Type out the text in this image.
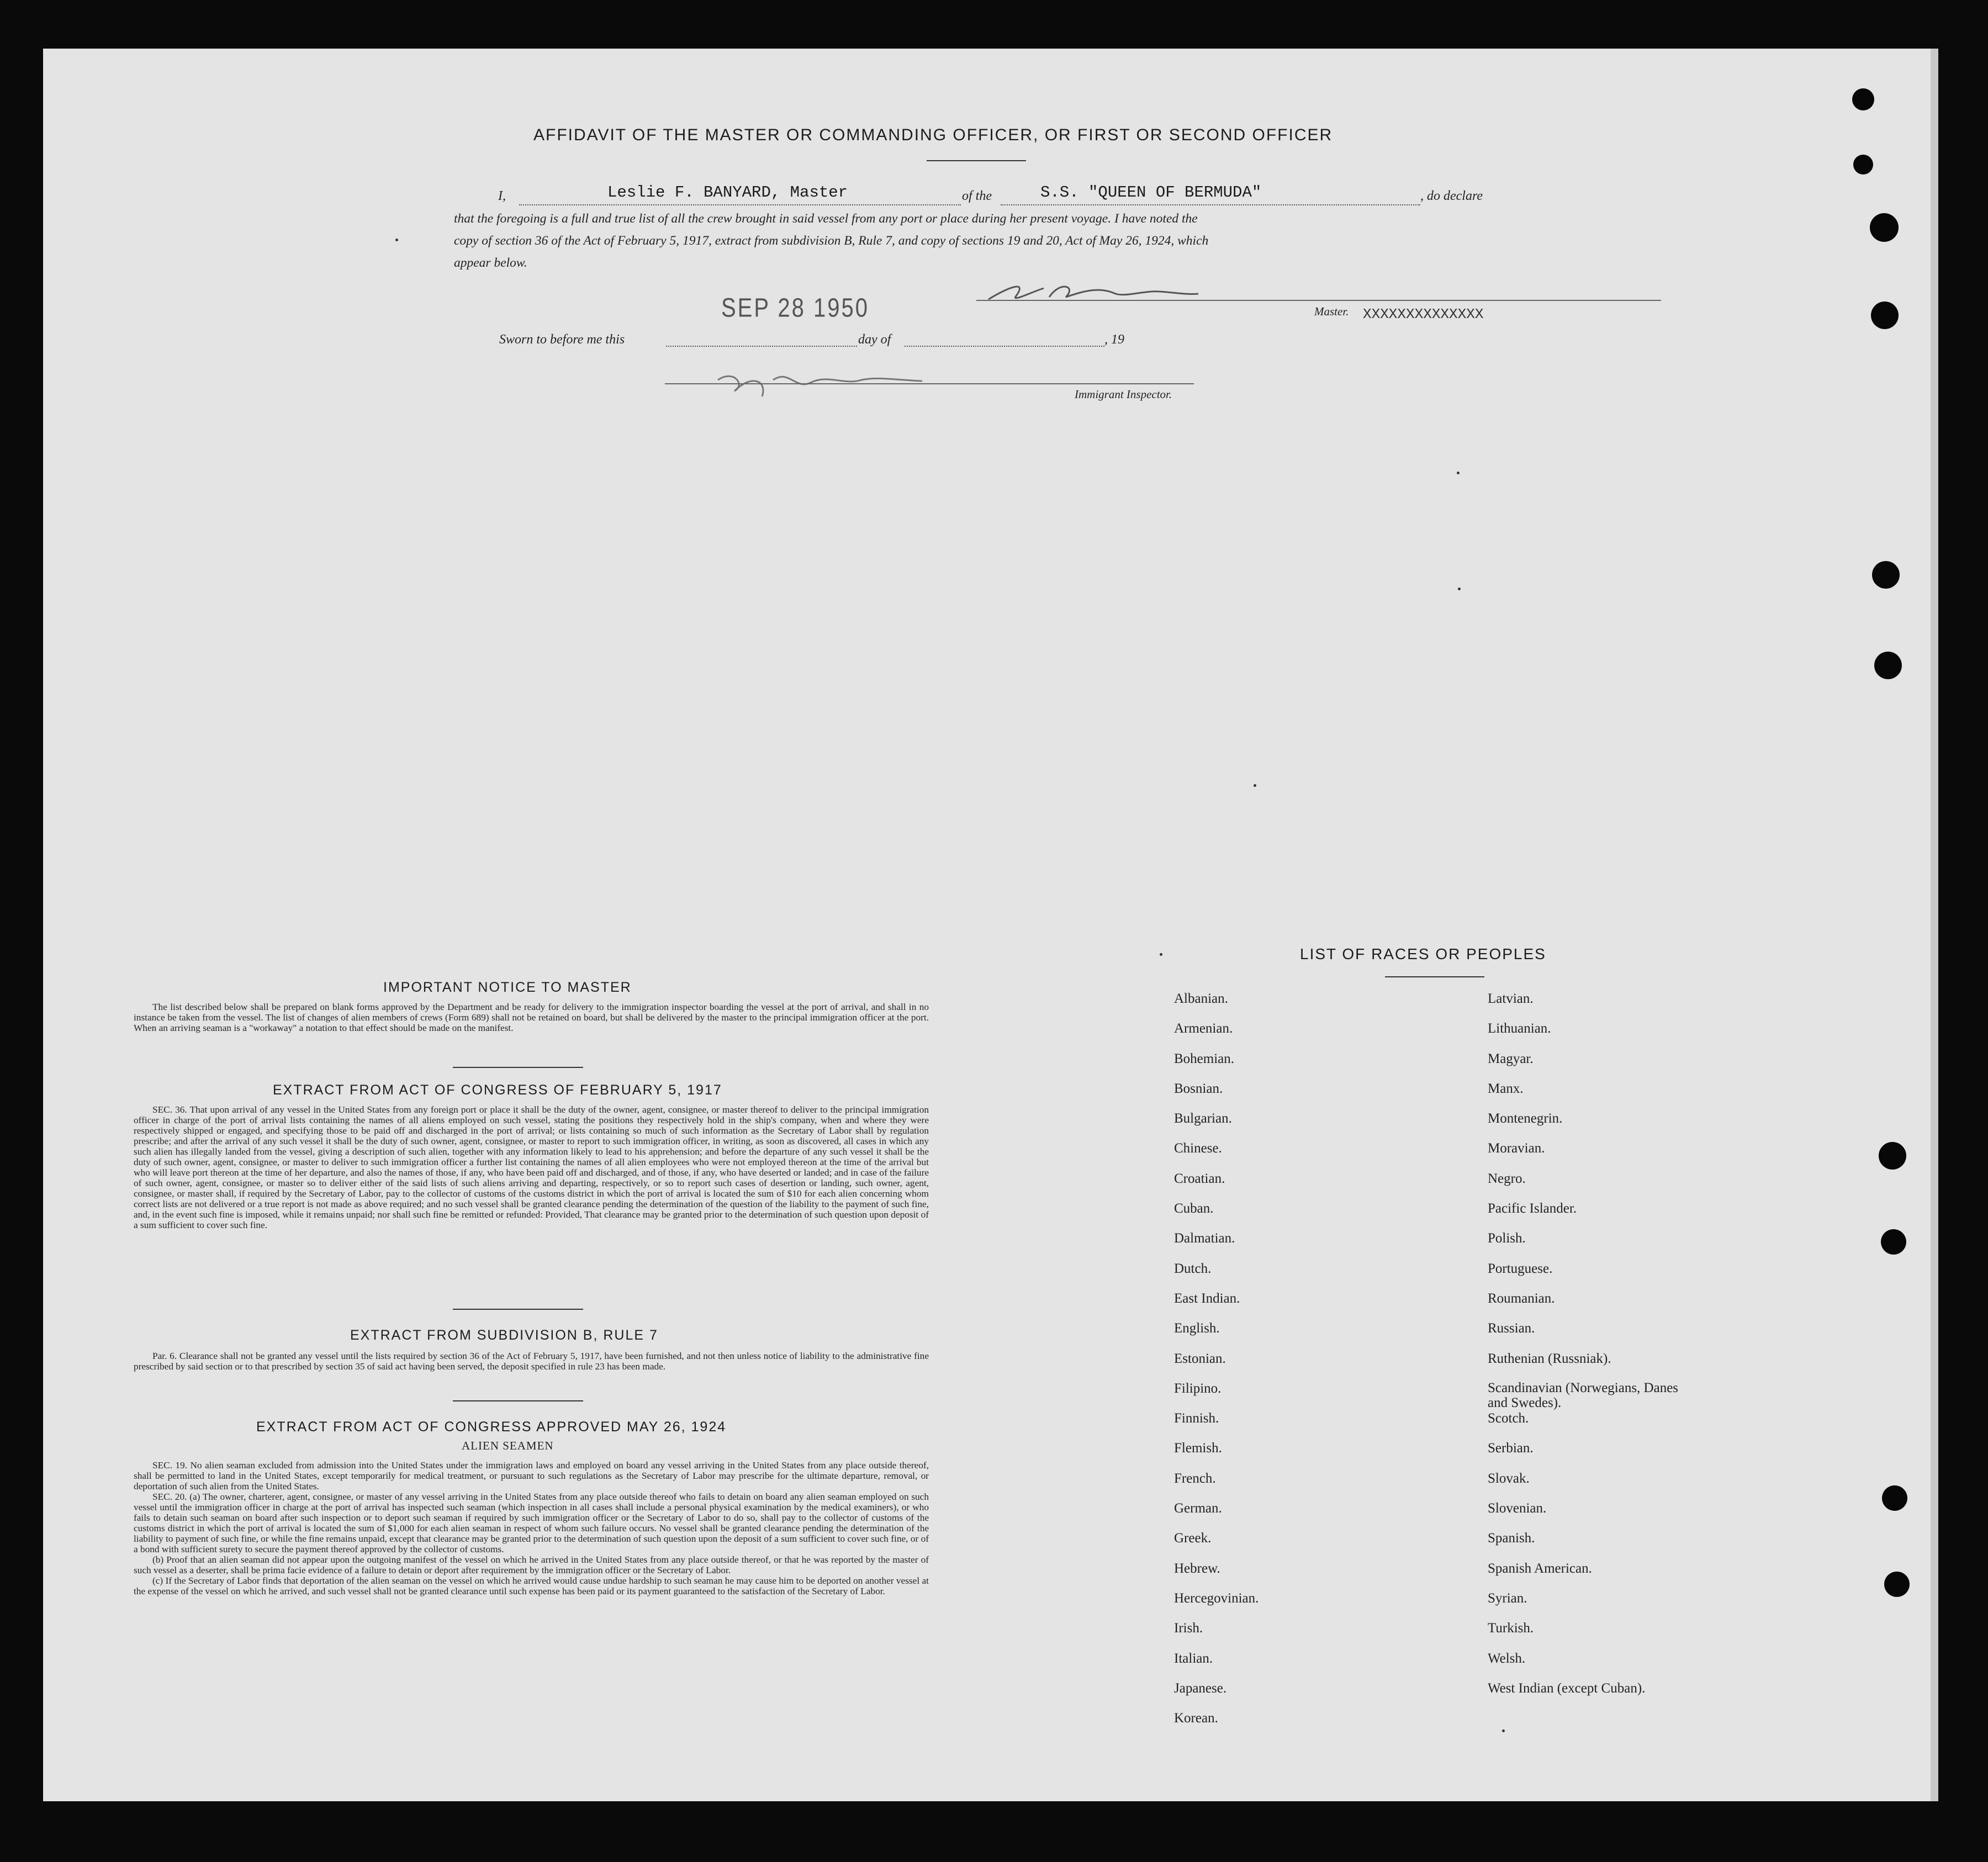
AFFIDAVIT OF THE MASTER OR COMMANDING OFFICER, OR FIRST OR SECOND OFFICER
I,	Leslie F. BANYARD, Master	of the	S.S. "QUEEN OF BERMUDA"	, do declare
that the foregoing is a full and true list of all the crew brought in said vessel from any port or place during her present voyage. I have noted the
copy of section 36 of the Act of February 5, 1917, extract from subdivision B, Rule 7, and copy of sections 19 and 20, Act of May 26, 1924, which
appear below.
SEP 28 1950	Master. XXXXXXXXXXXXXX
Sworn to before me this	day of	, 19
Immigrant Inspector.
IMPORTANT NOTICE TO MASTER

The list described below shall be prepared on blank forms approved by the Department and be ready for delivery to the immigration inspector boarding the vessel at the port of arrival, and shall in no instance be taken from the vessel. The list of changes of alien members of crews (Form 689) shall not be retained on board, but shall be delivered by the master to the principal immigration officer at the port. When an arriving seaman is a "workaway" a notation to that effect should be made on the manifest.

EXTRACT FROM ACT OF CONGRESS OF FEBRUARY 5, 1917

SEC. 36. That upon arrival of any vessel in the United States from any foreign port or place it shall be the duty of the owner, agent, consignee, or master thereof to deliver to the principal immigration officer in charge of the port of arrival lists containing the names of all aliens employed on such vessel, stating the positions they respectively hold in the ship's company, when and where they were respectively shipped or engaged, and specifying those to be paid off and discharged in the port of arrival; or lists containing so much of such information as the Secretary of Labor shall by regulation prescribe; and after the arrival of any such vessel it shall be the duty of such owner, agent, consignee, or master to report to such immigration officer, in writing, as soon as discovered, all cases in which any such alien has illegally landed from the vessel, giving a description of such alien, together with any information likely to lead to his apprehension; and before the departure of any such vessel it shall be the duty of such owner, agent, consignee, or master to deliver to such immigration officer a further list containing the names of all alien employees who were not employed thereon at the time of the arrival but who will leave port thereon at the time of her departure, and also the names of those, if any, who have been paid off and discharged, and of those, if any, who have deserted or landed; and in case of the failure of such owner, agent, consignee, or master so to deliver either of the said lists of such aliens arriving and departing, respectively, or so to report such cases of desertion or landing, such owner, agent, consignee, or master shall, if required by the Secretary of Labor, pay to the collector of customs of the customs district in which the port of arrival is located the sum of $10 for each alien concerning whom correct lists are not delivered or a true report is not made as above required; and no such vessel shall be granted clearance pending the determination of the question of the liability to the payment of such fine, and, in the event such fine is imposed, while it remains unpaid; nor shall such fine be remitted or refunded: Provided, That clearance may be granted prior to the determination of such question upon deposit of a sum sufficient to cover such fine.

EXTRACT FROM SUBDIVISION B, RULE 7

Par. 6. Clearance shall not be granted any vessel until the lists required by section 36 of the Act of February 5, 1917, have been furnished, and not then unless notice of liability to the administrative fine prescribed by said section or to that prescribed by section 35 of said act having been served, the deposit specified in rule 23 has been made.

EXTRACT FROM ACT OF CONGRESS APPROVED MAY 26, 1924
ALIEN SEAMEN

SEC. 19. No alien seaman excluded from admission into the United States under the immigration laws and employed on board any vessel arriving in the United States from any place outside thereof, shall be permitted to land in the United States, except temporarily for medical treatment, or pursuant to such regulations as the Secretary of Labor may prescribe for the ultimate departure, removal, or deportation of such alien from the United States.

SEC. 20. (a) The owner, charterer, agent, consignee, or master of any vessel arriving in the United States from any place outside thereof who fails to detain on board any alien seaman employed on such vessel until the immigration officer in charge at the port of arrival has inspected such seaman (which inspection in all cases shall include a personal physical examination by the medical examiners), or who fails to detain such seaman on board after such inspection or to deport such seaman if required by such immigration officer or the Secretary of Labor to do so, shall pay to the collector of customs of the customs district in which the port of arrival is located the sum of $1,000 for each alien seaman in respect of whom such failure occurs. No vessel shall be granted clearance pending the determination of the liability to payment of such fine, or while the fine remains unpaid, except that clearance may be granted prior to the determination of such question upon the deposit of a sum sufficient to cover such fine, or of a bond with sufficient surety to secure the payment thereof approved by the collector of customs.

(b) Proof that an alien seaman did not appear upon the outgoing manifest of the vessel on which he arrived in the United States from any place outside thereof, or that he was reported by the master of such vessel as a deserter, shall be prima facie evidence of a failure to detain or deport after requirement by the immigration officer or the Secretary of Labor.

(c) If the Secretary of Labor finds that deportation of the alien seaman on the vessel on which he arrived would cause undue hardship to such seaman he may cause him to be deported on another vessel at the expense of the vessel on which he arrived, and such vessel shall not be granted clearance until such expense has been paid or its payment guaranteed to the satisfaction of the Secretary of Labor.

LIST OF RACES OR PEOPLES
Albanian.
Armenian.
Bohemian.
Bosnian.
Bulgarian.
Chinese.
Croatian.
Cuban.
Dalmatian.
Dutch.
East Indian.
English.
Estonian.
Filipino.
Finnish.
Flemish.
French.
German.
Greek.
Hebrew.
Hercegovinian.
Irish.
Italian.
Japanese.
Korean.
Latvian.
Lithuanian.
Magyar.
Manx.
Montenegrin.
Moravian.
Negro.
Pacific Islander.
Polish.
Portuguese.
Roumanian.
Russian.
Ruthenian (Russniak).
Scandinavian (Norwegians, Danes and Swedes).
Scotch.
Serbian.
Slovak.
Slovenian.
Spanish.
Spanish American.
Syrian.
Turkish.
Welsh.
West Indian (except Cuban).
